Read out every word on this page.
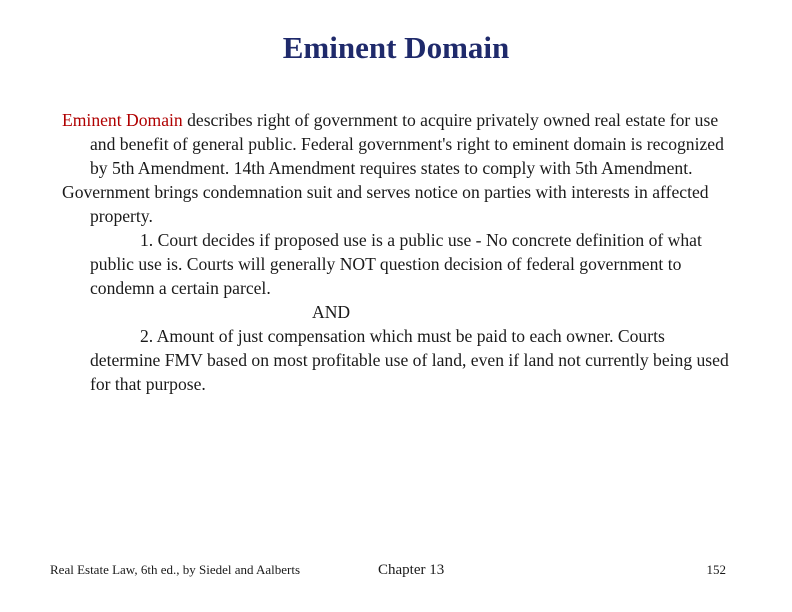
Eminent Domain

Eminent Domain describes right of government to acquire privately owned real estate for use and benefit of general public. Federal government's right to eminent domain is recognized by 5th Amendment. 14th Amendment requires states to comply with 5th Amendment.

Government brings condemnation suit and serves notice on parties with interests in affected property.

1. Court decides if proposed use is a public use - No concrete definition of what public use is. Courts will generally NOT question decision of federal government to condemn a certain parcel.

AND

2. Amount of just compensation which must be paid to each owner. Courts determine FMV based on most profitable use of land, even if land not currently being used for that purpose.

Real Estate Law, 6th ed., by Siedel and Aalberts	Chapter 13	152
